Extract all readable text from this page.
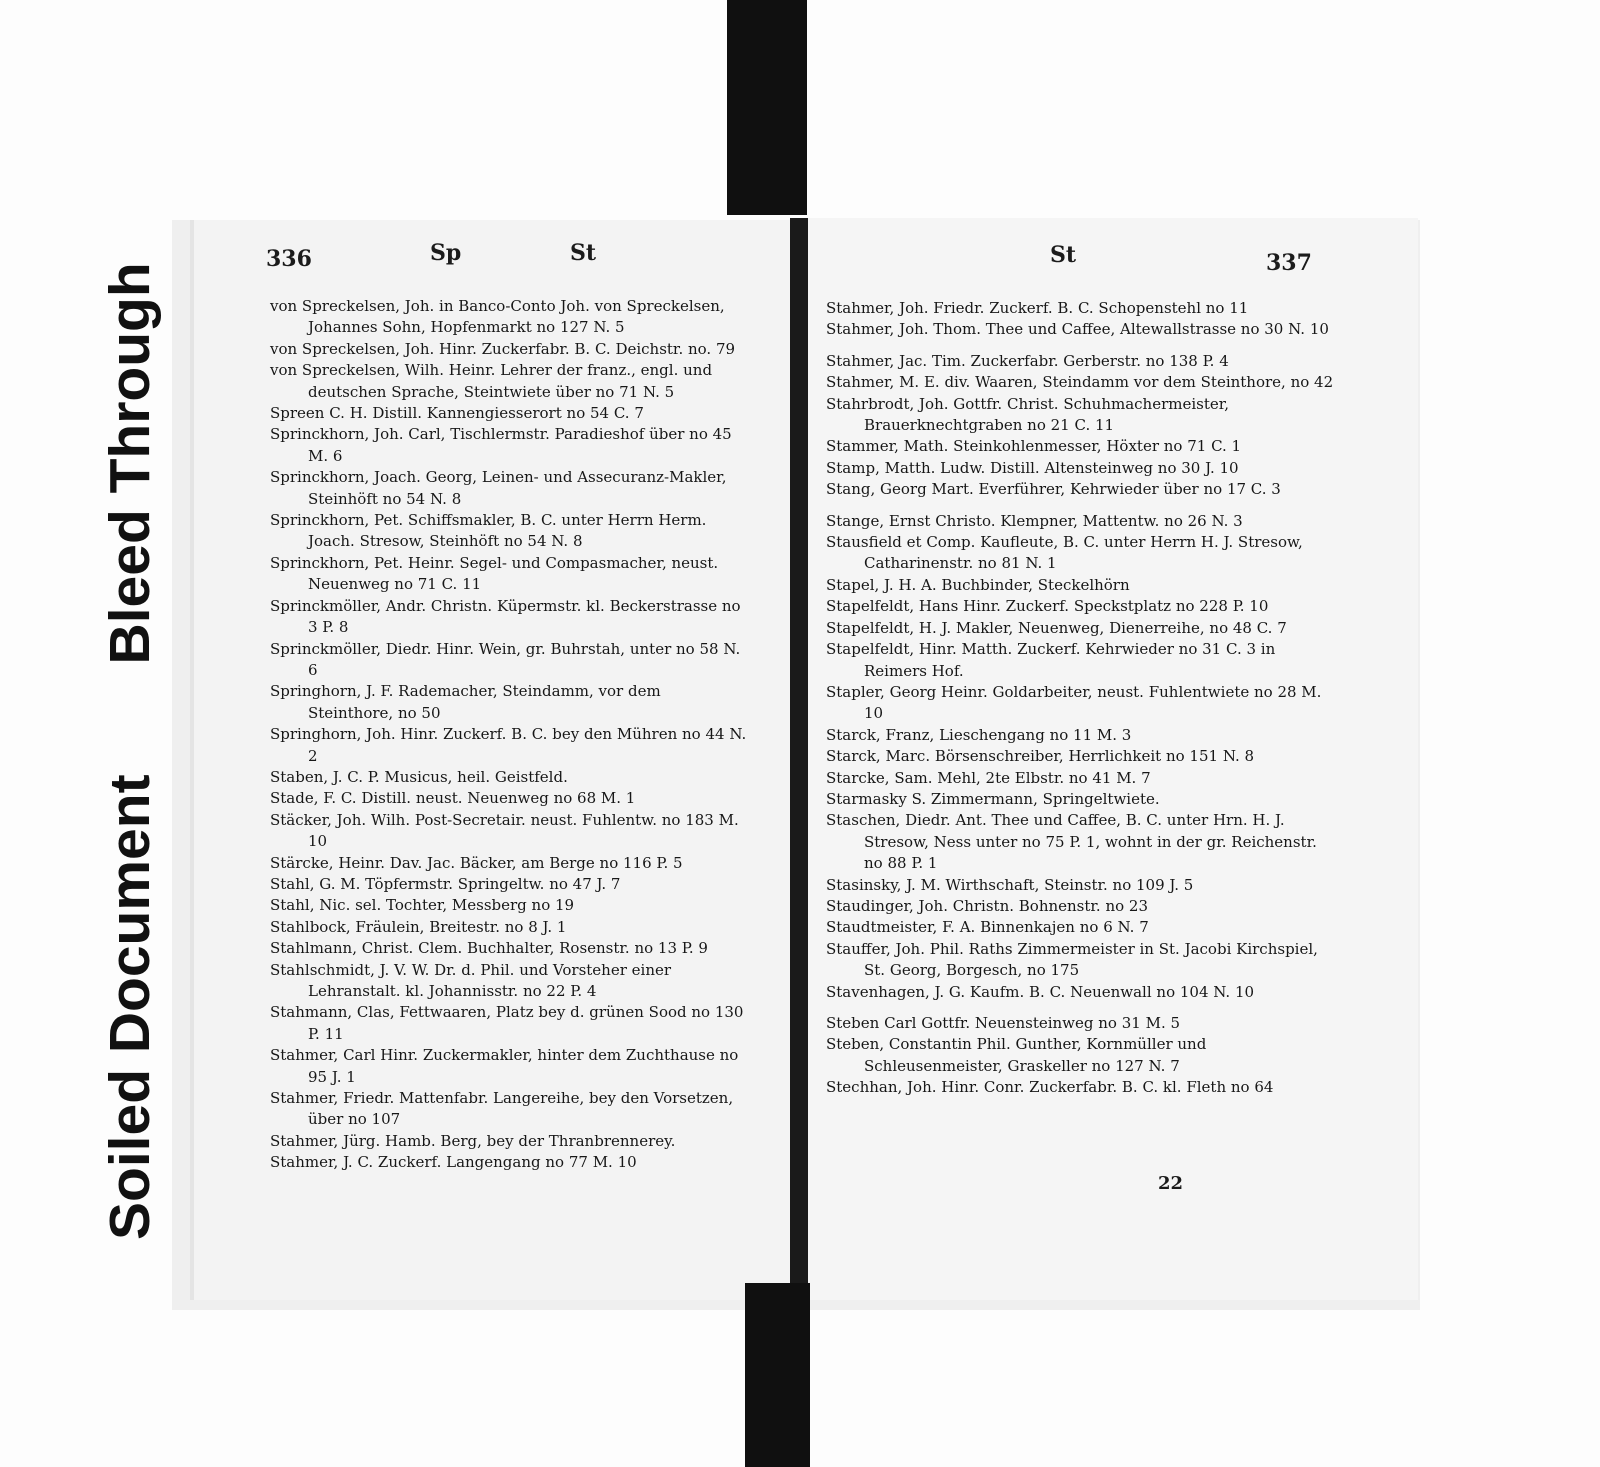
Soiled DocumentBleed Through
336	Sp	St
von Spreckelsen, Joh. in Banco-Conto Joh. von Spreckelsen, Johannes Sohn, Hopfenmarkt no 127 N. 5
von Spreckelsen, Joh. Hinr. Zuckerfabr. B. C. Deichstr. no. 79
von Spreckelsen, Wilh. Heinr. Lehrer der franz., engl. und deutschen Sprache, Steintwiete über no 71 N. 5
Spreen C. H. Distill. Kannengiesserort no 54 C. 7
Sprinckhorn, Joh. Carl, Tischlermstr. Paradieshof über no 45 M. 6
Sprinckhorn, Joach. Georg, Leinen- und Assecuranz-Makler, Steinhöft no 54 N. 8
Sprinckhorn, Pet. Schiffsmakler, B. C. unter Herrn Herm. Joach. Stresow, Steinhöft no 54 N. 8
Sprinckhorn, Pet. Heinr. Segel- und Compasmacher, neust. Neuenweg no 71 C. 11
Sprinckmöller, Andr. Christn. Küpermstr. kl. Beckerstrasse no 3 P. 8
Sprinckmöller, Diedr. Hinr. Wein, gr. Buhrstah, unter no 58 N. 6
Springhorn, J. F. Rademacher, Steindamm, vor dem Steinthore, no 50
Springhorn, Joh. Hinr. Zuckerf. B. C. bey den Mühren no 44 N. 2
Staben, J. C. P. Musicus, heil. Geistfeld.
Stade, F. C. Distill. neust. Neuenweg no 68 M. 1
Stäcker, Joh. Wilh. Post-Secretair. neust. Fuhlentw. no 183 M. 10
Stärcke, Heinr. Dav. Jac. Bäcker, am Berge no 116 P. 5
Stahl, G. M. Töpfermstr. Springeltw. no 47 J. 7
Stahl, Nic. sel. Tochter, Messberg no 19
Stahlbock, Fräulein, Breitestr. no 8 J. 1
Stahlmann, Christ. Clem. Buchhalter, Rosenstr. no 13 P. 9
Stahlschmidt, J. V. W. Dr. d. Phil. und Vorsteher einer Lehranstalt. kl. Johannisstr. no 22 P. 4
Stahmann, Clas, Fettwaaren, Platz bey d. grünen Sood no 130 P. 11
Stahmer, Carl Hinr. Zuckermakler, hinter dem Zuchthause no 95 J. 1
Stahmer, Friedr. Mattenfabr. Langereihe, bey den Vorsetzen, über no 107
Stahmer, Jürg. Hamb. Berg, bey der Thranbrennerey.
Stahmer, J. C. Zuckerf. Langengang no 77 M. 10
St	337
Stahmer, Joh. Friedr. Zuckerf. B. C. Schopenstehl no 11
Stahmer, Joh. Thom. Thee und Caffee, Altewallstrasse no 30 N. 10
Stahmer, Jac. Tim. Zuckerfabr. Gerberstr. no 138 P. 4
Stahmer, M. E. div. Waaren, Steindamm vor dem Steinthore, no 42
Stahrbrodt, Joh. Gottfr. Christ. Schuhmachermeister, Brauerknechtgraben no 21 C. 11
Stammer, Math. Steinkohlenmesser, Höxter no 71 C. 1
Stamp, Matth. Ludw. Distill. Altensteinweg no 30 J. 10
Stang, Georg Mart. Everführer, Kehrwieder über no 17 C. 3
Stange, Ernst Christo. Klempner, Mattentw. no 26 N. 3
Stausfield et Comp. Kaufleute, B. C. unter Herrn H. J. Stresow, Catharinenstr. no 81 N. 1
Stapel, J. H. A. Buchbinder, Steckelhörn
Stapelfeldt, Hans Hinr. Zuckerf. Speckstplatz no 228 P. 10
Stapelfeldt, H. J. Makler, Neuenweg, Dienerreihe, no 48 C. 7
Stapelfeldt, Hinr. Matth. Zuckerf. Kehrwieder no 31 C. 3 in Reimers Hof.
Stapler, Georg Heinr. Goldarbeiter, neust. Fuhlentwiete no 28 M. 10
Starck, Franz, Lieschengang no 11 M. 3
Starck, Marc. Börsenschreiber, Herrlichkeit no 151 N. 8
Starcke, Sam. Mehl, 2te Elbstr. no 41 M. 7
Starmasky S. Zimmermann, Springeltwiete.
Staschen, Diedr. Ant. Thee und Caffee, B. C. unter Hrn. H. J. Stresow, Ness unter no 75 P. 1, wohnt in der gr. Reichenstr. no 88 P. 1
Stasinsky, J. M. Wirthschaft, Steinstr. no 109 J. 5
Staudinger, Joh. Christn. Bohnenstr. no 23
Staudtmeister, F. A. Binnenkajen no 6 N. 7
Stauffer, Joh. Phil. Raths Zimmermeister in St. Jacobi Kirchspiel, St. Georg, Borgesch, no 175
Stavenhagen, J. G. Kaufm. B. C. Neuenwall no 104 N. 10
Steben Carl Gottfr. Neuensteinweg no 31 M. 5
Steben, Constantin Phil. Gunther, Kornmüller und Schleusenmeister, Graskeller no 127 N. 7
Stechhan, Joh. Hinr. Conr. Zuckerfabr. B. C. kl. Fleth no 64
22
